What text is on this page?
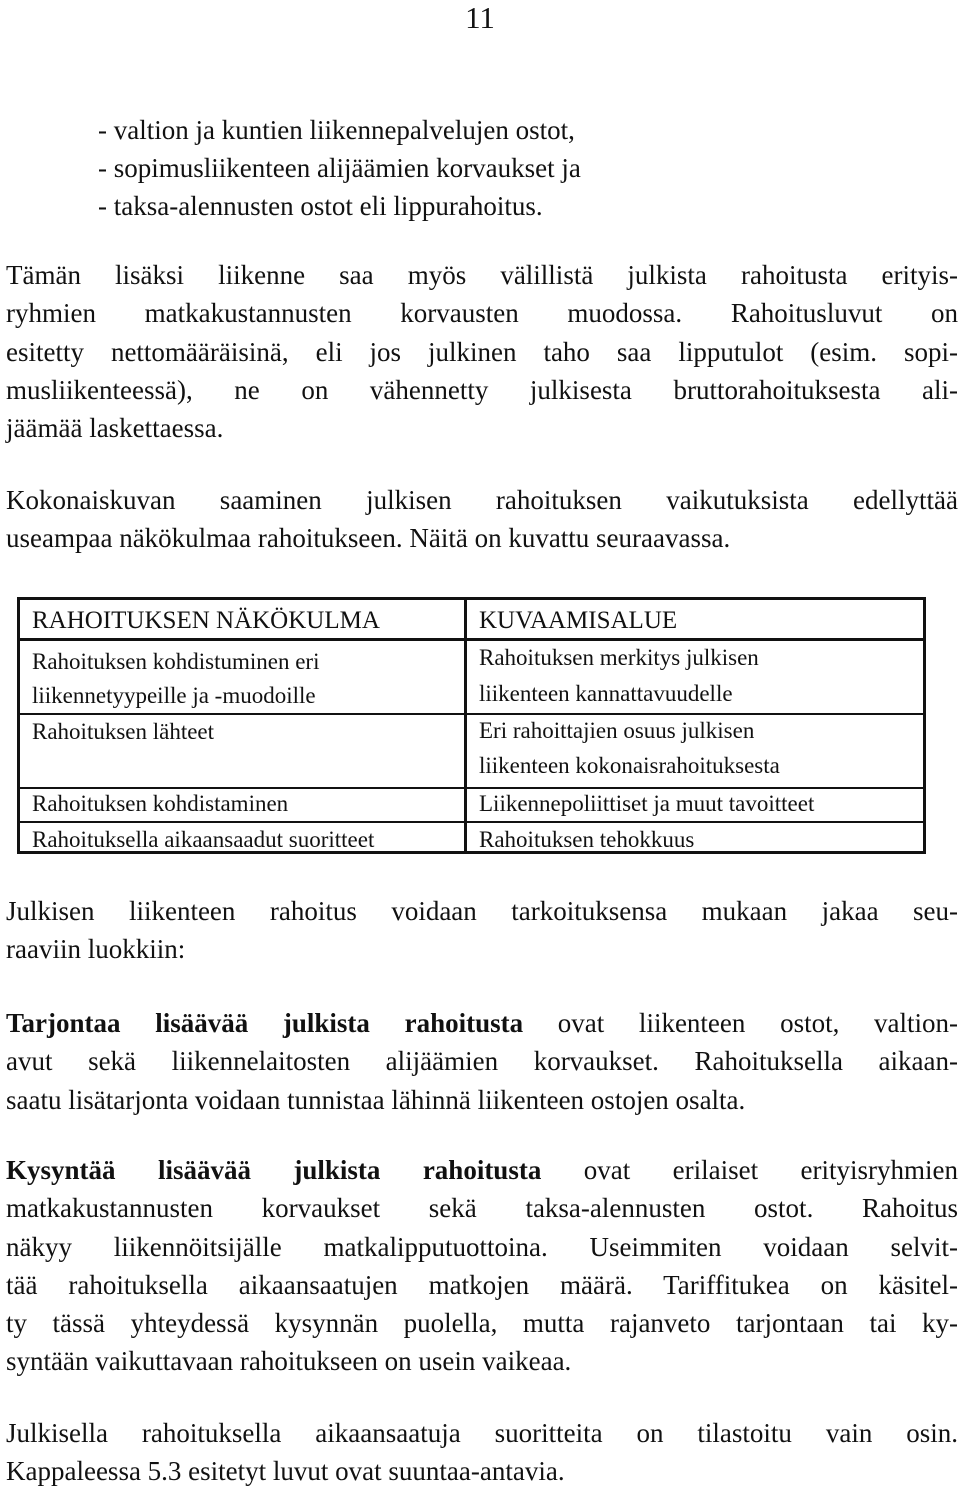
11
- valtion ja kuntien liikennepalvelujen ostot,
- sopimusliikenteen alijäämien korvaukset ja
- taksa-alennusten ostot eli lippurahoitus.

Tämän lisäksi liikenne saa myös välillistä julkista rahoitusta erityis-
ryhmien matkakustannusten korvausten muodossa. Rahoitusluvut on
esitetty nettomääräisinä, eli jos julkinen taho saa lipputulot (esim. sopi-
musliikenteessä), ne on vähennetty julkisesta bruttorahoituksesta ali-
jäämää laskettaessa.

Kokonaiskuvan saaminen julkisen rahoituksen vaikutuksista edellyttää
useampaa näkökulmaa rahoitukseen. Näitä on kuvattu seuraavassa.

RAHOITUKSEN NÄKÖKULMA
Rahoituksen kohdistuminen eri
liikennetyypeille ja -muodoille
Rahoituksen lähteet
Rahoituksen kohdistaminen
Rahoituksella aikaansaadut suoritteet
KUVAAMISALUE
Rahoituksen merkitys julkisen
liikenteen kannattavuudelle
Eri rahoittajien osuus julkisen
liikenteen kokonaisrahoituksesta
Liikennepoliittiset ja muut tavoitteet
Rahoituksen tehokkuus

Julkisen liikenteen rahoitus voidaan tarkoituksensa mukaan jakaa seu-
raaviin luokkiin:

Tarjontaa lisäävää julkista rahoitusta ovat liikenteen ostot, valtion-
avut sekä liikennelaitosten alijäämien korvaukset. Rahoituksella aikaan-
saatu lisätarjonta voidaan tunnistaa lähinnä liikenteen ostojen osalta.

Kysyntää lisäävää julkista rahoitusta ovat erilaiset erityisryhmien
matkakustannusten korvaukset sekä taksa-alennusten ostot. Rahoitus
näkyy liikennöitsijälle matkalipputuottoina. Useimmiten voidaan selvit-
tää rahoituksella aikaansaatujen matkojen määrä. Tariffitukea on käsitel-
ty tässä yhteydessä kysynnän puolella, mutta rajanveto tarjontaan tai ky-
syntään vaikuttavaan rahoitukseen on usein vaikeaa.

Julkisella rahoituksella aikaansaatuja suoritteita on tilastoitu vain osin.
Kappaleessa 5.3 esitetyt luvut ovat suuntaa-antavia.
